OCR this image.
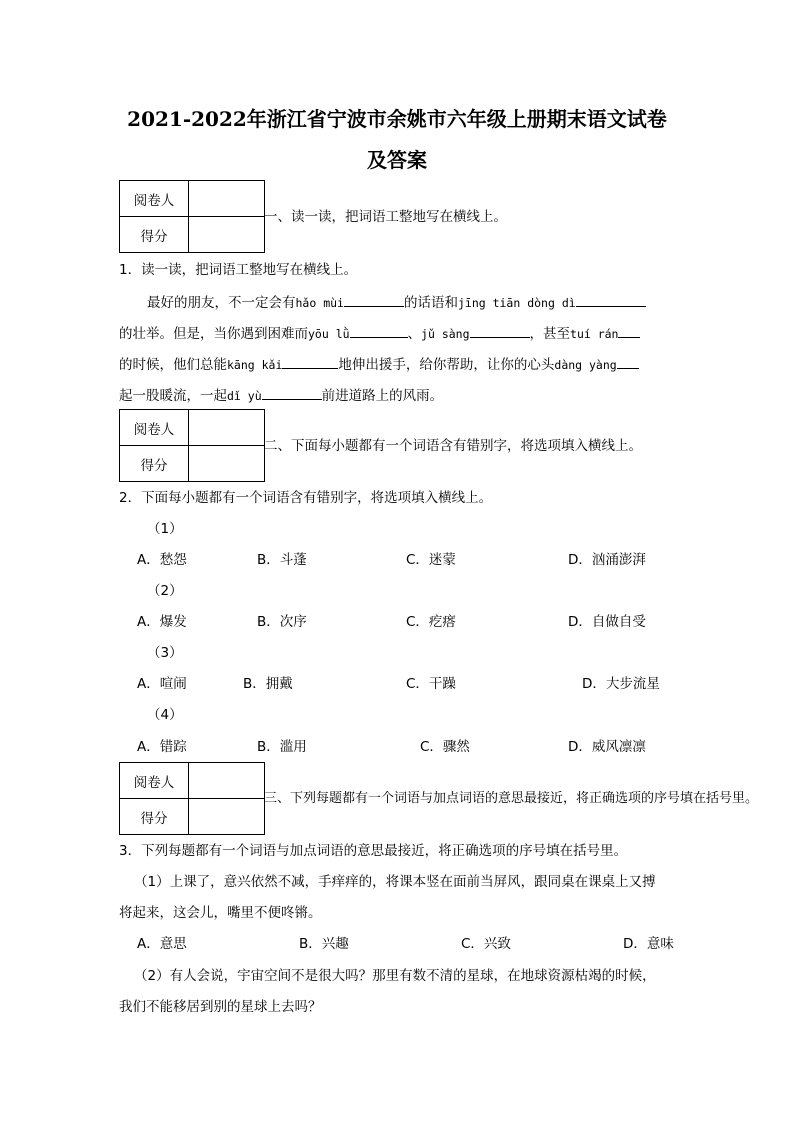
2021-2022年浙江省宁波市余姚市六年级上册期末语文试卷
及答案
阅卷人	
得分	
一、读一读，把词语工整地写在横线上。
1．读一读，把词语工整地写在横线上。
最好的朋友，不一定会有hǎo mùi	的话语和jīng tiān dòng dì
的壮举。但是，当你遇到困难而yōu lǜ	、jǔ sàng	，甚至tuí rán
的时候，他们总能kāng kǎi	地伸出援手，给你帮助，让你的心头dàng yàng
起一股暖流，一起dǐ yù	前进道路上的风雨。
阅卷人	
得分	
二、下面每小题都有一个词语含有错别字，将选项填入横线上。
2．下面每小题都有一个词语含有错别字，将选项填入横线上。
（1）
A．愁怨	B．斗蓬	C．迷蒙	D．汹涌澎湃
（2）
A．爆发	B．次序	C．疙瘩	D．自做自受
（3）
A．喧闹	B．拥戴	C．干躁	D．大步流星
（4）
A．错踪	B．滥用	C．骤然	D．威风凛凛
阅卷人	
得分	
三、下列每题都有一个词语与加点词语的意思最接近，将正确选项的序号填在括号里。
3．下列每题都有一个词语与加点词语的意思最接近，将正确选项的序号填在括号里。
（1）上课了，意兴依然不减，手痒痒的，将课本竖在面前当屏风，跟同桌在课桌上又搏
将起来，这会儿，嘴里不便咚锵。
A．意思	B．兴趣	C．兴致	D．意味
（2）有人会说，宇宙空间不是很大吗？那里有数不清的星球，在地球资源枯竭的时候，
我们不能移居到别的星球上去吗？
